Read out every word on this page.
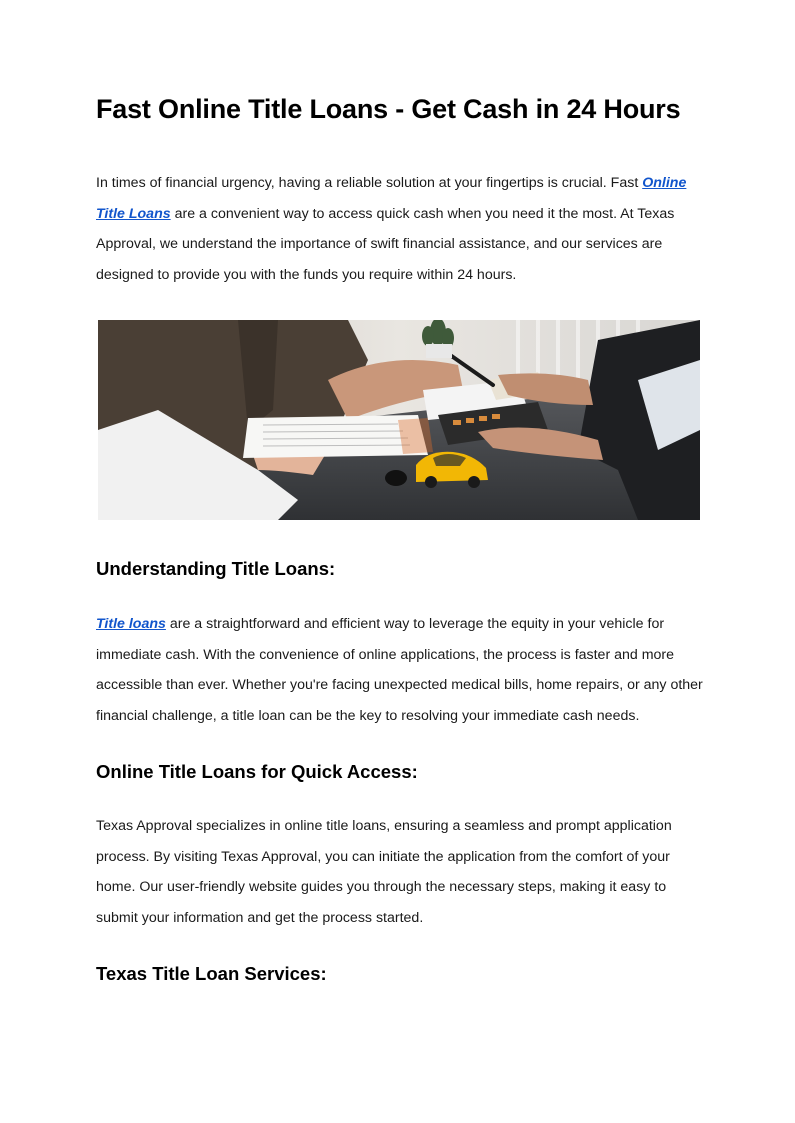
Fast Online Title Loans - Get Cash in 24 Hours

In times of financial urgency, having a reliable solution at your fingertips is crucial. Fast Online Title Loans are a convenient way to access quick cash when you need it the most. At Texas Approval, we understand the importance of swift financial assistance, and our services are designed to provide you with the funds you require within 24 hours.

Understanding Title Loans:

Title loans are a straightforward and efficient way to leverage the equity in your vehicle for immediate cash. With the convenience of online applications, the process is faster and more accessible than ever. Whether you're facing unexpected medical bills, home repairs, or any other financial challenge, a title loan can be the key to resolving your immediate cash needs.

Online Title Loans for Quick Access:

Texas Approval specializes in online title loans, ensuring a seamless and prompt application process. By visiting Texas Approval, you can initiate the application from the comfort of your home. Our user-friendly website guides you through the necessary steps, making it easy to submit your information and get the process started.

Texas Title Loan Services:
